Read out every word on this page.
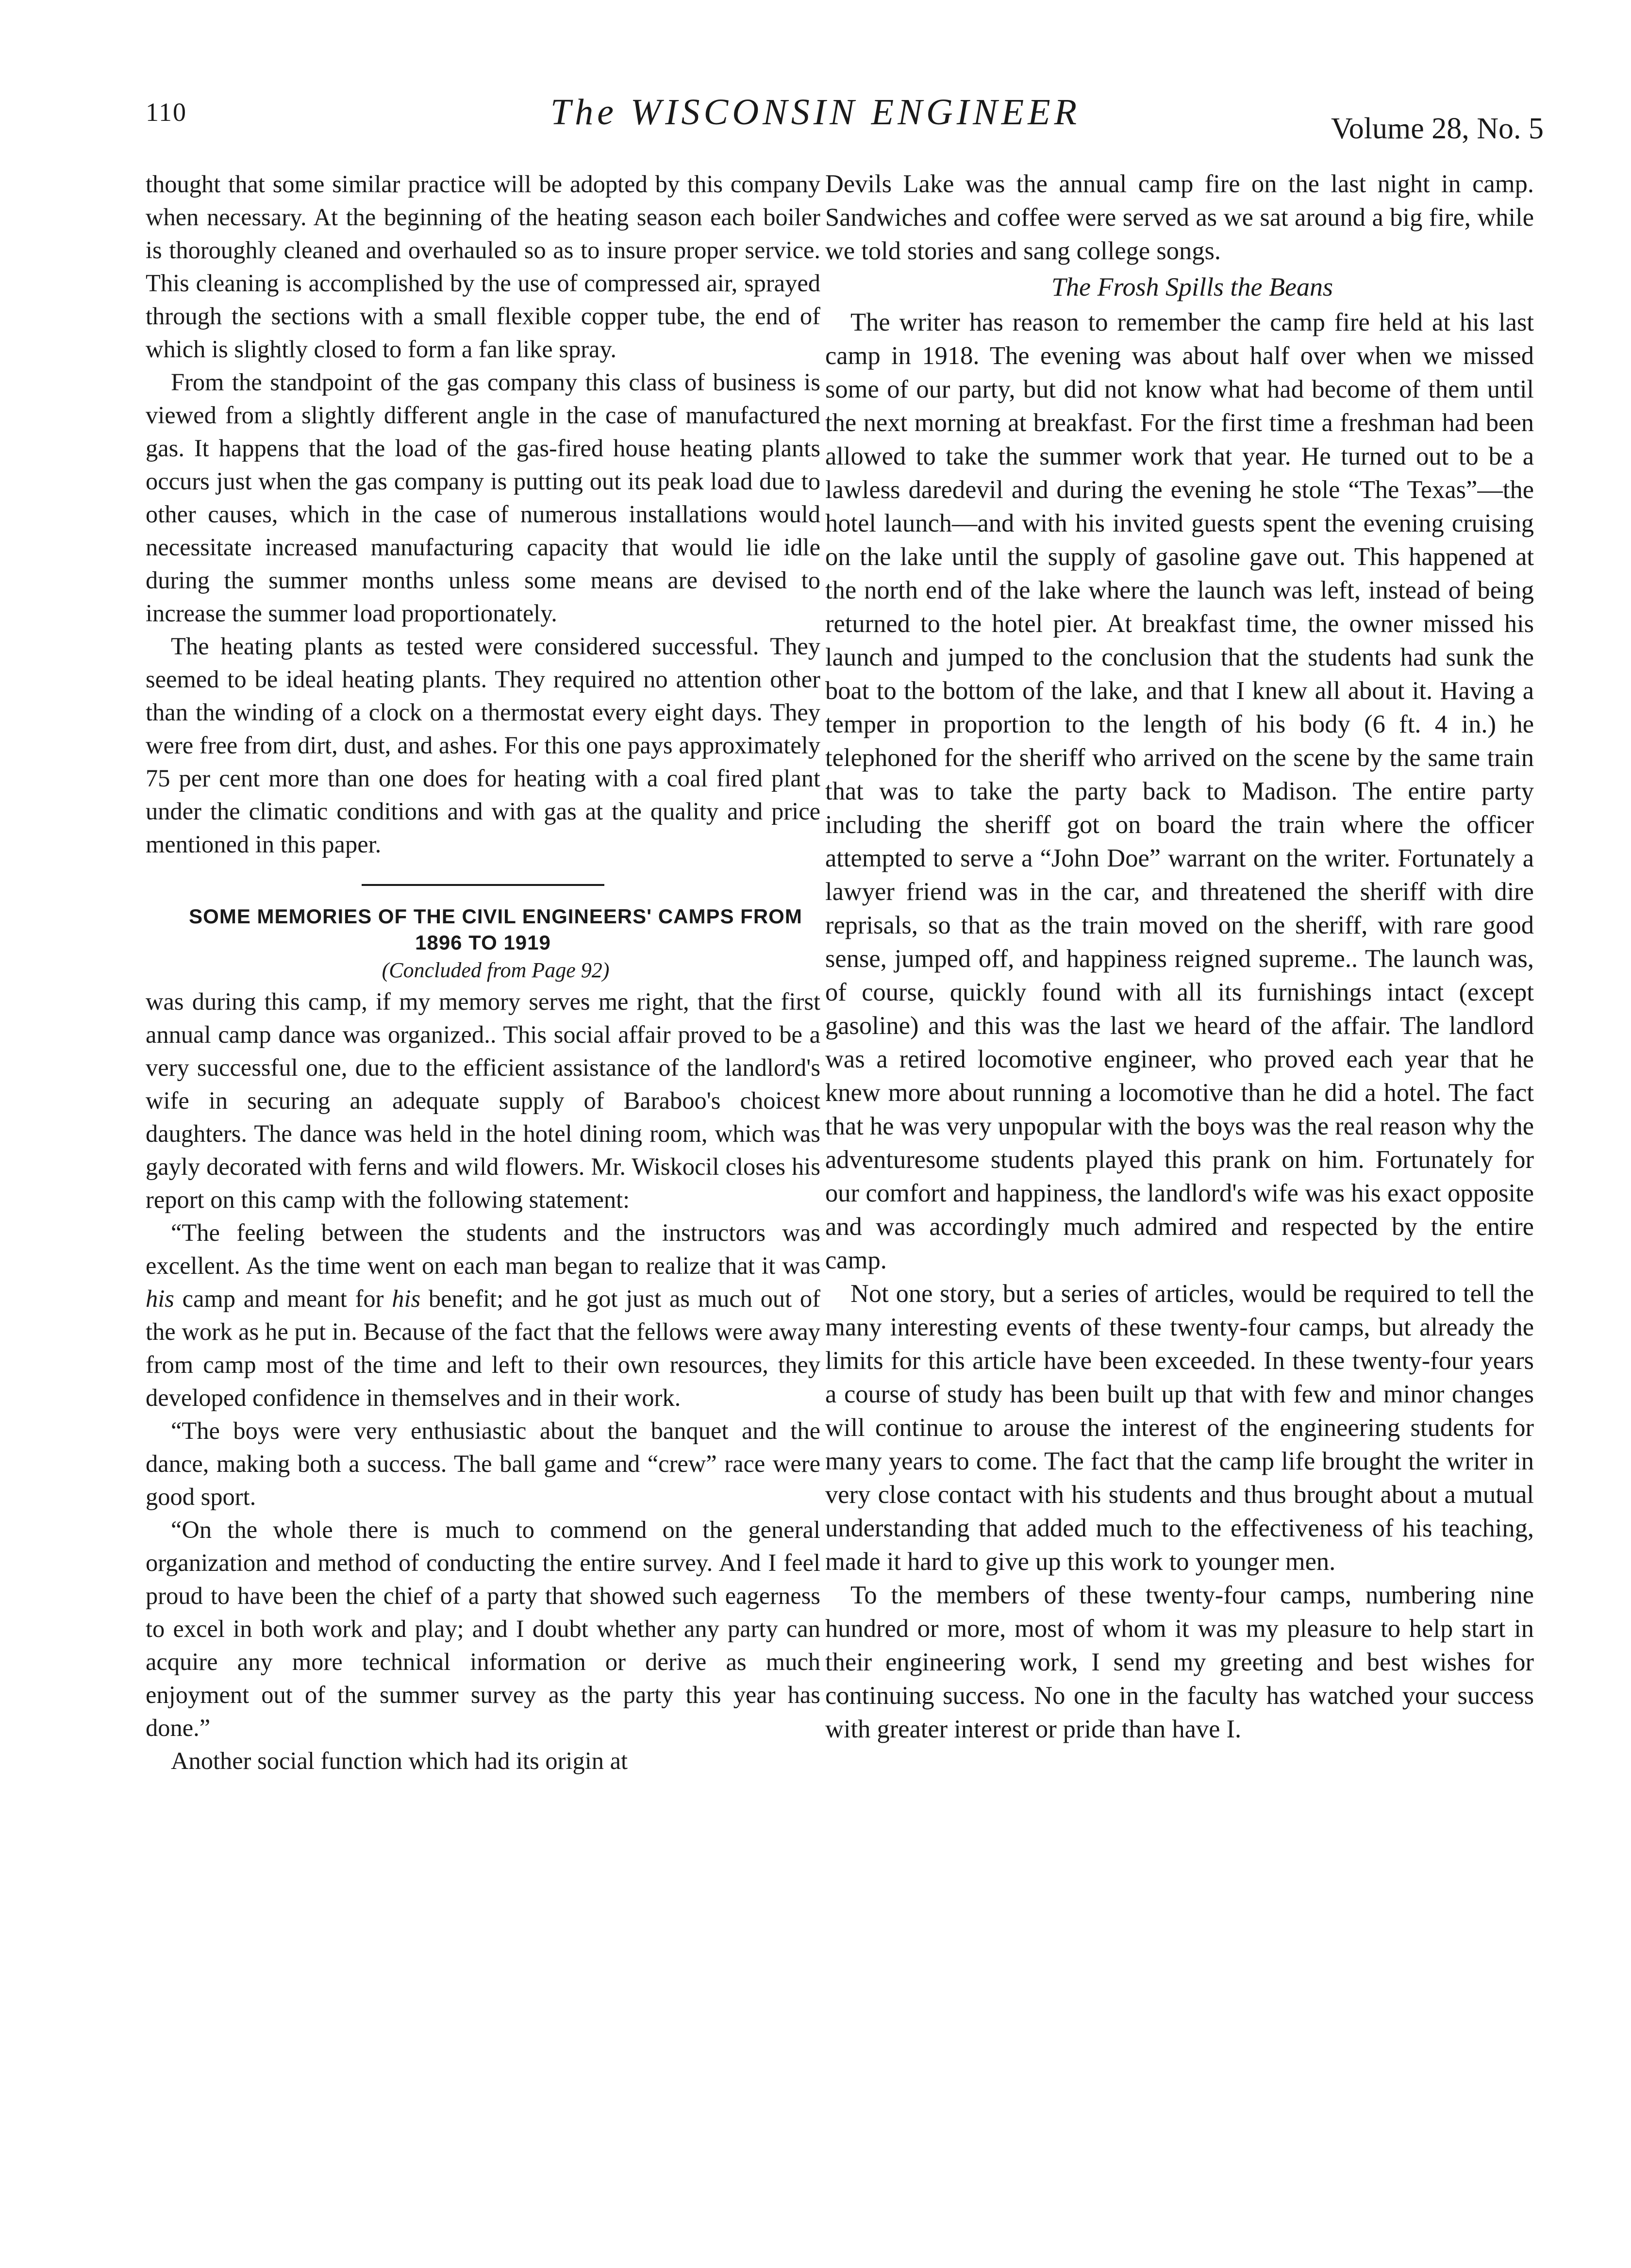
110	The WISCONSIN ENGINEER	Volume 28, No. 5

thought that some similar practice will be adopted by this company when necessary. At the beginning of the heating season each boiler is thoroughly cleaned and overhauled so as to insure proper service. This cleaning is accomplished by the use of compressed air, sprayed through the sections with a small flexible copper tube, the end of which is slightly closed to form a fan like spray.

From the standpoint of the gas company this class of business is viewed from a slightly different angle in the case of manufactured gas. It happens that the load of the gas-fired house heating plants occurs just when the gas company is putting out its peak load due to other causes, which in the case of numerous installations would necessitate increased manufacturing capacity that would lie idle during the summer months unless some means are devised to increase the summer load proportionately.

The heating plants as tested were considered successful. They seemed to be ideal heating plants. They required no attention other than the winding of a clock on a thermostat every eight days. They were free from dirt, dust, and ashes. For this one pays approximately 75 per cent more than one does for heating with a coal fired plant under the climatic conditions and with gas at the quality and price mentioned in this paper.

SOME MEMORIES OF THE CIVIL ENGINEERS' CAMPS FROM 1896 TO 1919

(Concluded from Page 92)

was during this camp, if my memory serves me right, that the first annual camp dance was organized.. This social affair proved to be a very successful one, due to the efficient assistance of the landlord's wife in securing an adequate supply of Baraboo's choicest daughters. The dance was held in the hotel dining room, which was gayly decorated with ferns and wild flowers. Mr. Wiskocil closes his report on this camp with the following statement:

“The feeling between the students and the instructors was excellent. As the time went on each man began to realize that it was his camp and meant for his benefit; and he got just as much out of the work as he put in. Because of the fact that the fellows were away from camp most of the time and left to their own resources, they developed confidence in themselves and in their work.

“The boys were very enthusiastic about the banquet and the dance, making both a success. The ball game and “crew” race were good sport.

“On the whole there is much to commend on the general organization and method of conducting the entire survey. And I feel proud to have been the chief of a party that showed such eagerness to excel in both work and play; and I doubt whether any party can acquire any more technical information or derive as much enjoyment out of the summer survey as the party this year has done.”

Another social function which had its origin at

Devils Lake was the annual camp fire on the last night in camp. Sandwiches and coffee were served as we sat around a big fire, while we told stories and sang college songs.

The Frosh Spills the Beans

The writer has reason to remember the camp fire held at his last camp in 1918. The evening was about half over when we missed some of our party, but did not know what had become of them until the next morning at breakfast. For the first time a freshman had been allowed to take the summer work that year. He turned out to be a lawless daredevil and during the evening he stole “The Texas”—the hotel launch—and with his invited guests spent the evening cruising on the lake until the supply of gasoline gave out. This happened at the north end of the lake where the launch was left, instead of being returned to the hotel pier. At breakfast time, the owner missed his launch and jumped to the conclusion that the students had sunk the boat to the bottom of the lake, and that I knew all about it. Having a temper in proportion to the length of his body (6 ft. 4 in.) he telephoned for the sheriff who arrived on the scene by the same train that was to take the party back to Madison. The entire party including the sheriff got on board the train where the officer attempted to serve a “John Doe” warrant on the writer. Fortunately a lawyer friend was in the car, and threatened the sheriff with dire reprisals, so that as the train moved on the sheriff, with rare good sense, jumped off, and happiness reigned supreme.. The launch was, of course, quickly found with all its furnishings intact (except gasoline) and this was the last we heard of the affair. The landlord was a retired locomotive engineer, who proved each year that he knew more about running a locomotive than he did a hotel. The fact that he was very unpopular with the boys was the real reason why the adventuresome students played this prank on him. Fortunately for our comfort and happiness, the landlord's wife was his exact opposite and was accordingly much admired and respected by the entire camp.

Not one story, but a series of articles, would be required to tell the many interesting events of these twenty-four camps, but already the limits for this article have been exceeded. In these twenty-four years a course of study has been built up that with few and minor changes will continue to arouse the interest of the engineering students for many years to come. The fact that the camp life brought the writer in very close contact with his students and thus brought about a mutual understanding that added much to the effectiveness of his teaching, made it hard to give up this work to younger men.

To the members of these twenty-four camps, numbering nine hundred or more, most of whom it was my pleasure to help start in their engineering work, I send my greeting and best wishes for continuing success. No one in the faculty has watched your success with greater interest or pride than have I.
